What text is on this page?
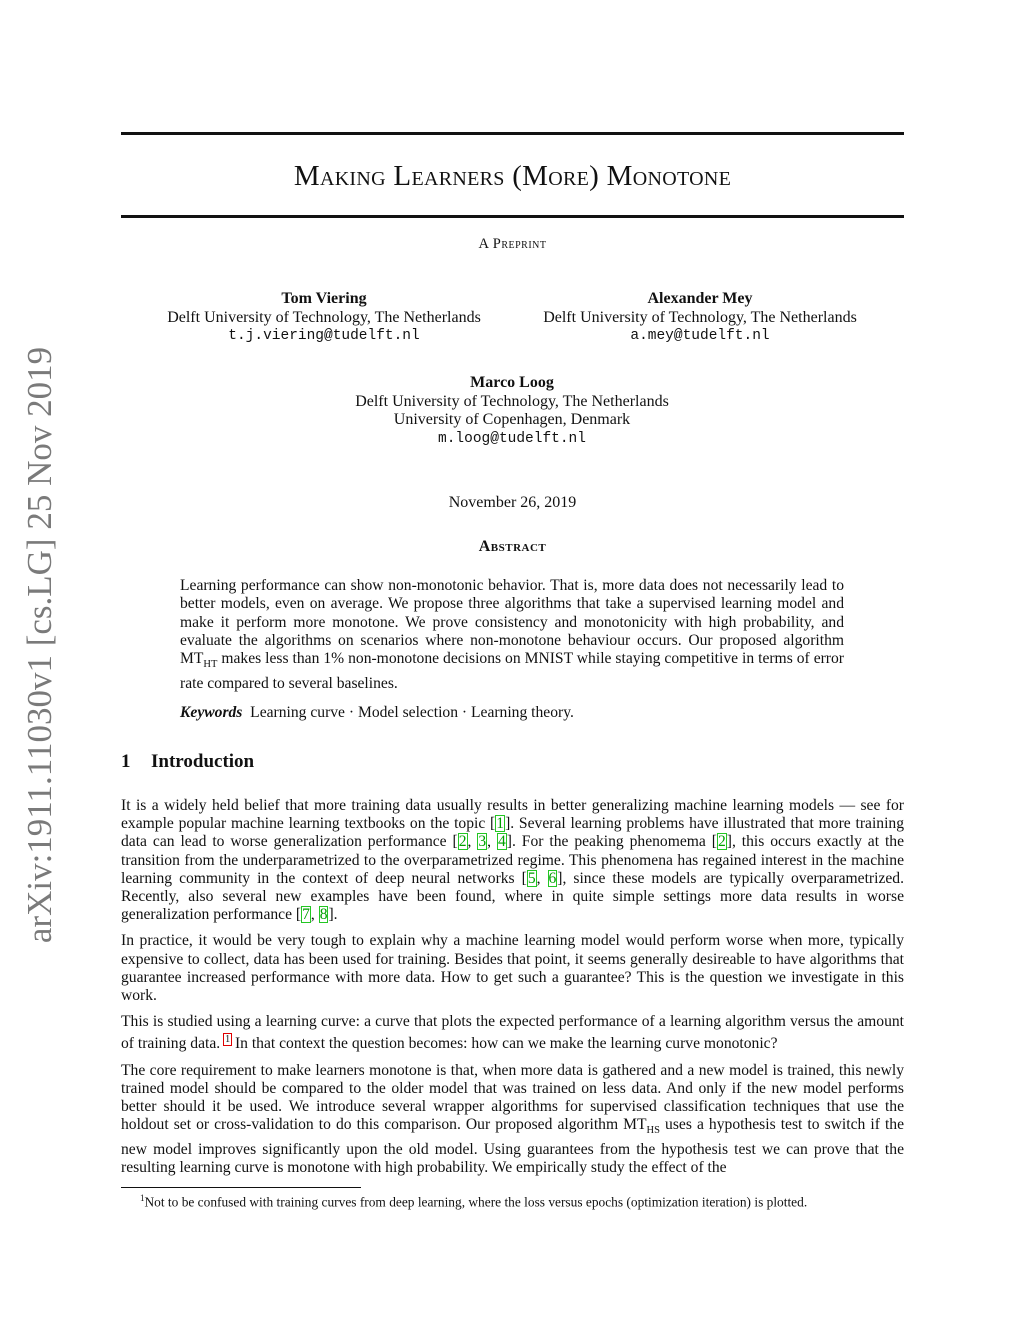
arXiv:1911.11030v1 [cs.LG] 25 Nov 2019
Making Learners (More) Monotone
A Preprint
Tom Viering
Delft University of Technology, The Netherlands
t.j.viering@tudelft.nl
Alexander Mey
Delft University of Technology, The Netherlands
a.mey@tudelft.nl
Marco Loog
Delft University of Technology, The Netherlands
University of Copenhagen, Denmark
m.loog@tudelft.nl
November 26, 2019
Abstract
Learning performance can show non-monotonic behavior. That is, more data does not necessarily lead to better models, even on average. We propose three algorithms that take a supervised learning model and make it perform more monotone. We prove consistency and monotonicity with high probability, and evaluate the algorithms on scenarios where non-monotone behaviour occurs. Our proposed algorithm $MT_{HT}$ makes less than 1% non-monotone decisions on MNIST while staying competitive in terms of error rate compared to several baselines.
Keywords Learning curve · Model selection · Learning theory.
1 Introduction

It is a widely held belief that more training data usually results in better generalizing machine learning models — see for example popular machine learning textbooks on the topic [1]. Several learning problems have illustrated that more training data can lead to worse generalization performance [2, 3, 4]. For the peaking phenomema [2], this occurs exactly at the transition from the underparametrized to the overparametrized regime. This phenomena has regained interest in the machine learning community in the context of deep neural networks [5, 6], since these models are typically overparametrized. Recently, also several new examples have been found, where in quite simple settings more data results in worse generalization performance [7, 8].

In practice, it would be very tough to explain why a machine learning model would perform worse when more, typically expensive to collect, data has been used for training. Besides that point, it seems generally desireable to have algorithms that guarantee increased performance with more data. How to get such a guarantee? This is the question we investigate in this work.

This is studied using a learning curve: a curve that plots the expected performance of a learning algorithm versus the amount of training data. $^1$ In that context the question becomes: how can we make the learning curve monotonic?

The core requirement to make learners monotone is that, when more data is gathered and a new model is trained, this newly trained model should be compared to the older model that was trained on less data. And only if the new model performs better should it be used. We introduce several wrapper algorithms for supervised classification techniques that use the holdout set or cross-validation to do this comparison. Our proposed algorithm $MT_{HS}$ uses a hypothesis test to switch if the new model improves significantly upon the old model. Using guarantees from the hypothesis test we can prove that the resulting learning curve is monotone with high probability. We empirically study the effect of the

$^1$Not to be confused with training curves from deep learning, where the loss versus epochs (optimization iteration) is plotted.
